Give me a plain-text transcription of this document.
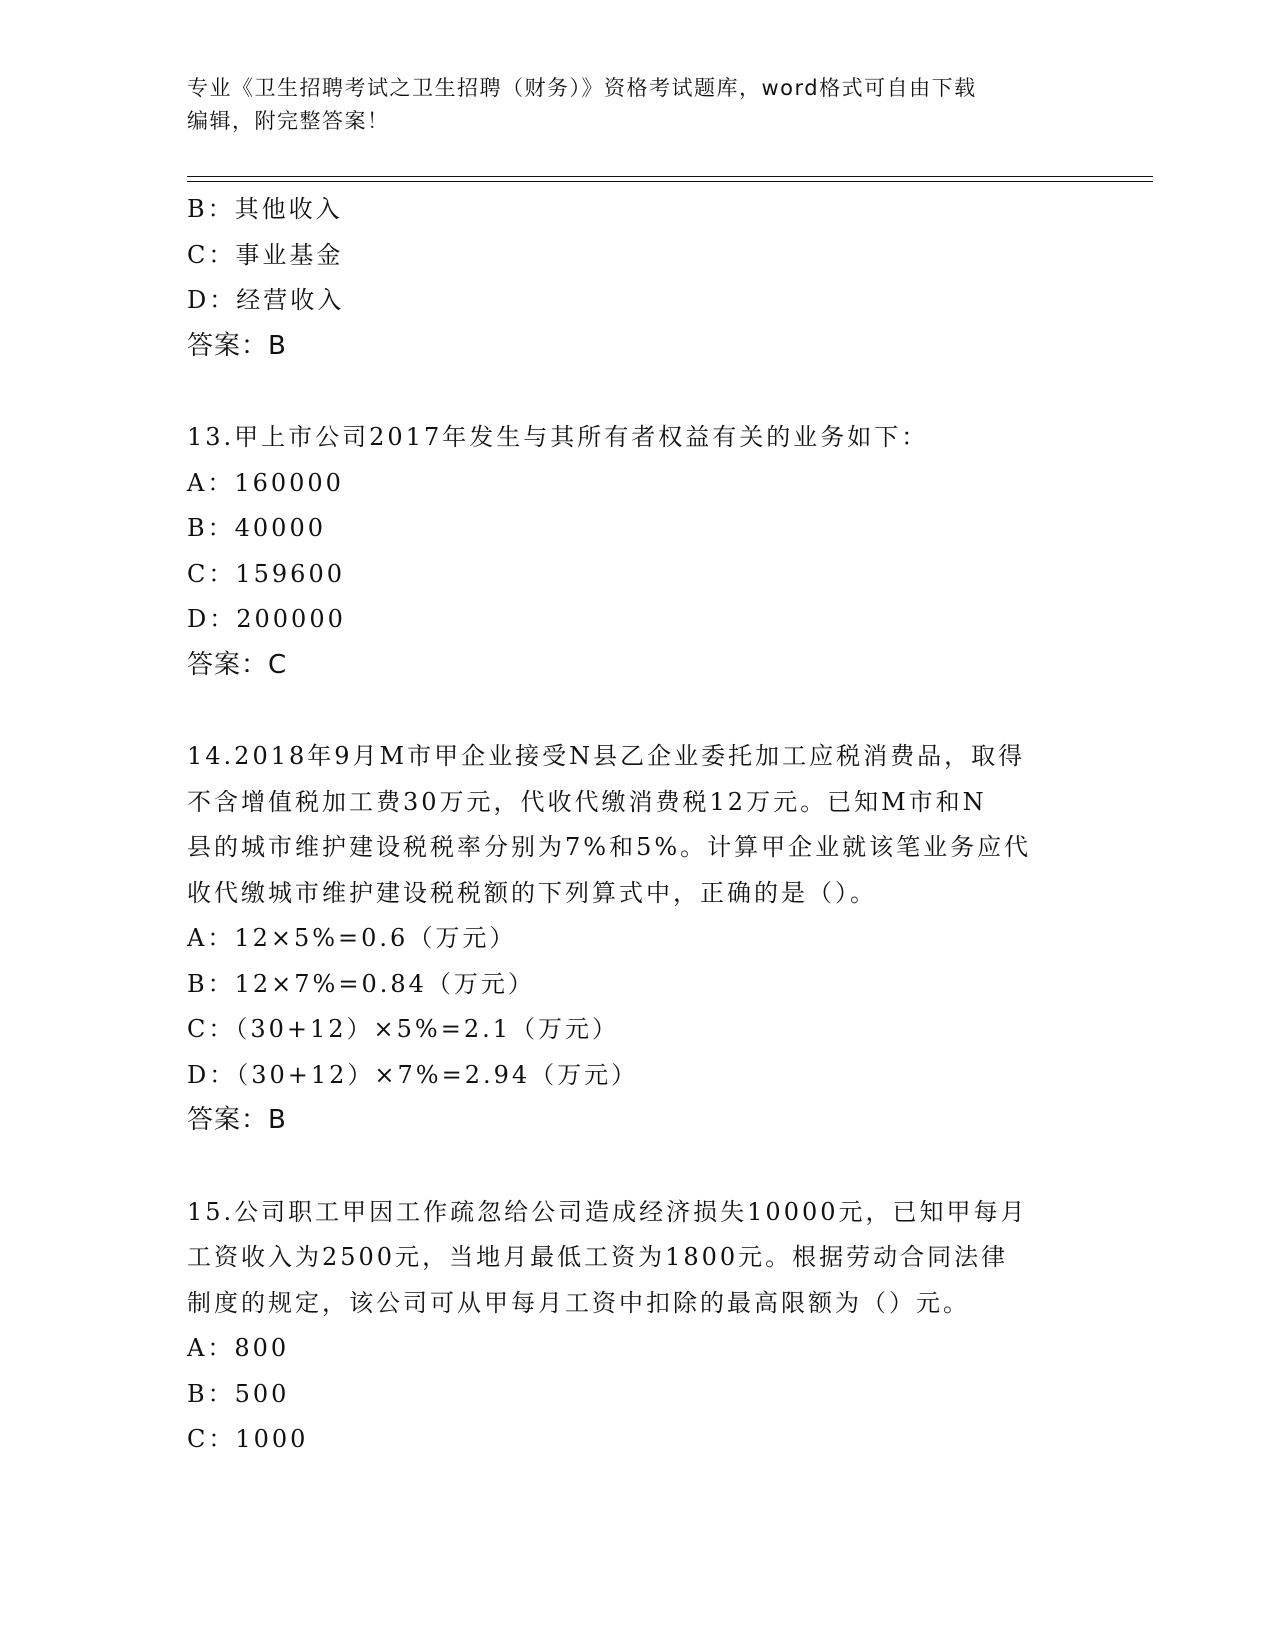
专业《卫生招聘考试之卫生招聘（财务）》资格考试题库，word格式可自由下载
编辑，附完整答案！
B：其他收入
C：事业基金
D：经营收入
答案：B
13.甲上市公司2017年发生与其所有者权益有关的业务如下：
A：160000
B：40000
C：159600
D：200000
答案：C
14.2018年9月M市甲企业接受N县乙企业委托加工应税消费品，取得
不含增值税加工费30万元，代收代缴消费税12万元。已知M市和N
县的城市维护建设税税率分别为7%和5%。计算甲企业就该笔业务应代
收代缴城市维护建设税税额的下列算式中，正确的是（）。
A：12×5%=0.6（万元）
B：12×7%=0.84（万元）
C：（30+12）×5%=2.1（万元）
D：（30+12）×7%=2.94（万元）
答案：B
15.公司职工甲因工作疏忽给公司造成经济损失10000元，已知甲每月
工资收入为2500元，当地月最低工资为1800元。根据劳动合同法律
制度的规定，该公司可从甲每月工资中扣除的最高限额为（）元。
A：800
B：500
C：1000
